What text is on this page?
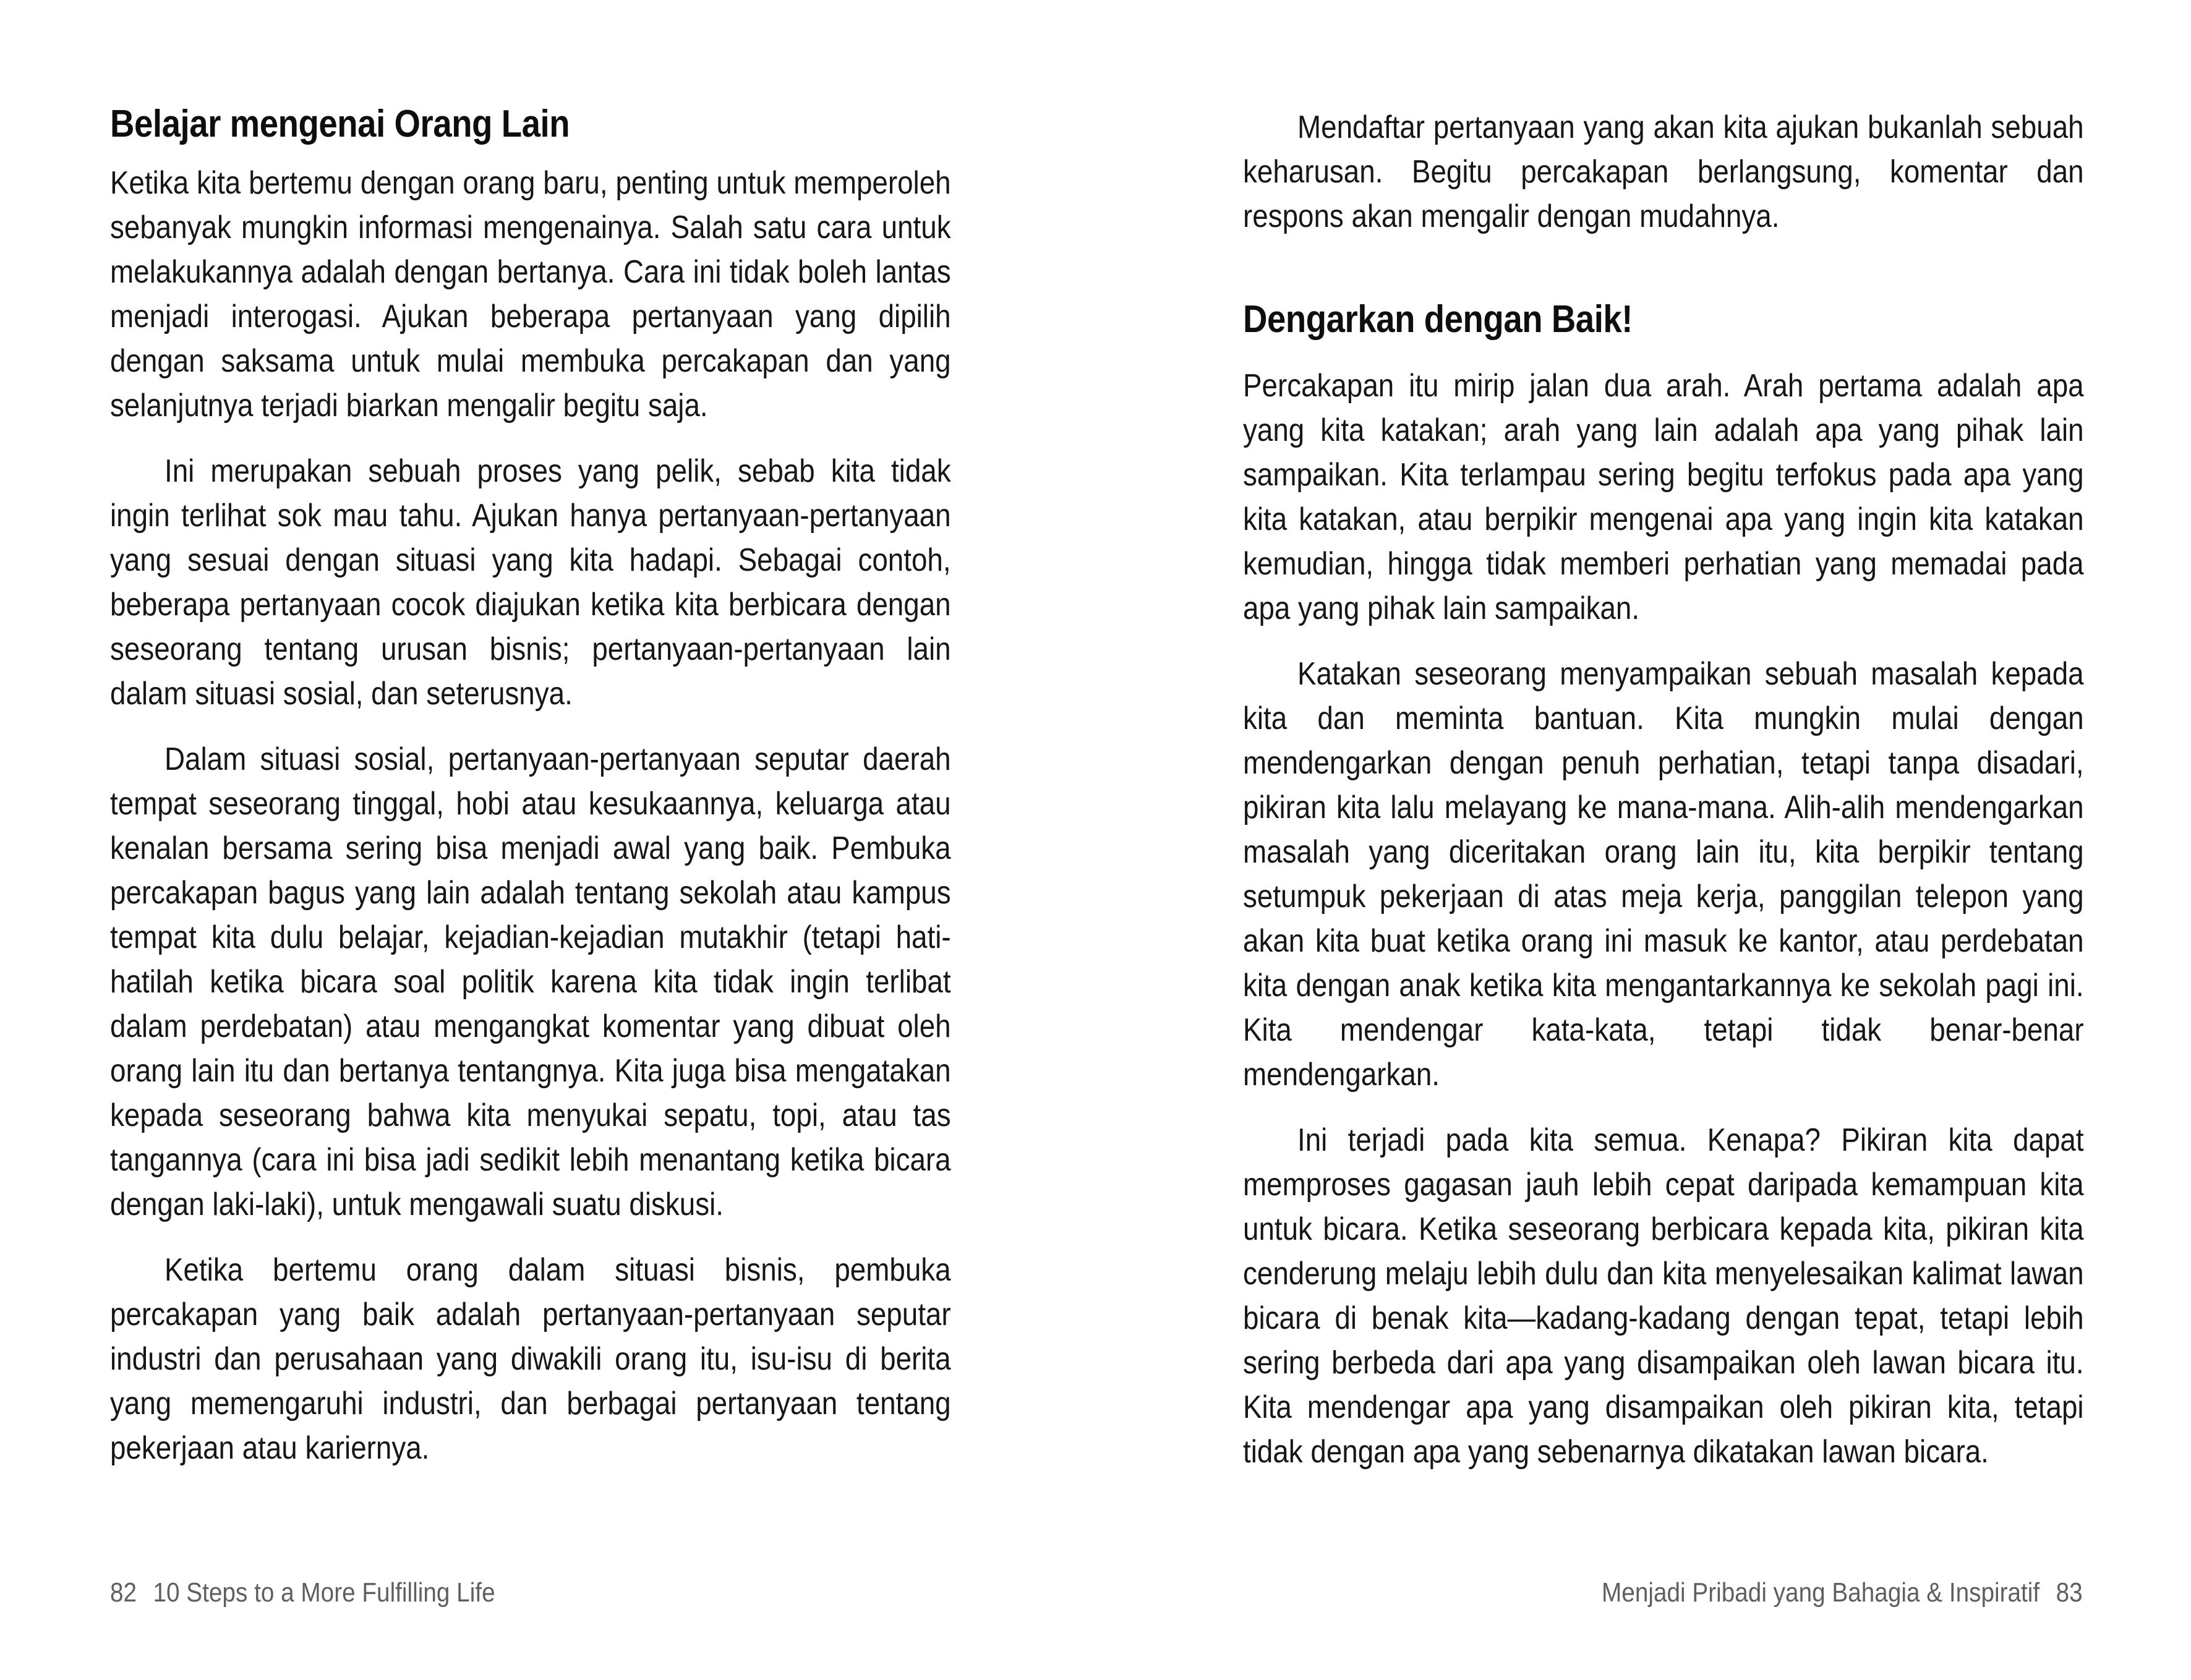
Belajar mengenai Orang Lain

Ketika kita bertemu dengan orang baru, penting untuk memperoleh sebanyak mungkin informasi mengenainya. Salah satu cara untuk melakukannya adalah dengan bertanya. Cara ini tidak boleh lantas menjadi interogasi. Ajukan beberapa pertanyaan yang dipilih dengan saksama untuk mulai membuka percakapan dan yang selanjutnya terjadi biarkan mengalir begitu saja.

Ini merupakan sebuah proses yang pelik, sebab kita tidak ingin terlihat sok mau tahu. Ajukan hanya pertanyaan-pertanyaan yang sesuai dengan situasi yang kita hadapi. Sebagai contoh, beberapa pertanyaan cocok diajukan ketika kita berbicara dengan seseorang tentang urusan bisnis; pertanyaan-pertanyaan lain dalam situasi sosial, dan seterusnya.

Dalam situasi sosial, pertanyaan-pertanyaan seputar daerah tempat seseorang tinggal, hobi atau kesukaannya, keluarga atau kenalan bersama sering bisa menjadi awal yang baik. Pembuka percakapan bagus yang lain adalah tentang sekolah atau kampus tempat kita dulu belajar, kejadian-kejadian mutakhir (tetapi hati-hatilah ketika bicara soal politik karena kita tidak ingin terlibat dalam perdebatan) atau mengangkat komentar yang dibuat oleh orang lain itu dan bertanya tentangnya. Kita juga bisa mengatakan kepada seseorang bahwa kita menyukai sepatu, topi, atau tas tangannya (cara ini bisa jadi sedikit lebih menantang ketika bicara dengan laki-laki), untuk mengawali suatu diskusi.

Ketika bertemu orang dalam situasi bisnis, pembuka percakapan yang baik adalah pertanyaan-pertanyaan seputar industri dan perusahaan yang diwakili orang itu, isu-isu di berita yang memengaruhi industri, dan berbagai pertanyaan tentang pekerjaan atau kariernya.

Mendaftar pertanyaan yang akan kita ajukan bukanlah sebuah keharusan. Begitu percakapan berlangsung, komentar dan respons akan mengalir dengan mudahnya.

Dengarkan dengan Baik!

Percakapan itu mirip jalan dua arah. Arah pertama adalah apa yang kita katakan; arah yang lain adalah apa yang pihak lain sampaikan. Kita terlampau sering begitu terfokus pada apa yang kita katakan, atau berpikir mengenai apa yang ingin kita katakan kemudian, hingga tidak memberi perhatian yang memadai pada apa yang pihak lain sampaikan.

Katakan seseorang menyampaikan sebuah masalah kepada kita dan meminta bantuan. Kita mungkin mulai dengan mendengarkan dengan penuh perhatian, tetapi tanpa disadari, pikiran kita lalu melayang ke mana-mana. Alih-alih mendengarkan masalah yang diceritakan orang lain itu, kita berpikir tentang setumpuk pekerjaan di atas meja kerja, panggilan telepon yang akan kita buat ketika orang ini masuk ke kantor, atau perdebatan kita dengan anak ketika kita mengantarkannya ke sekolah pagi ini. Kita mendengar kata-kata, tetapi tidak benar-benar mendengarkan.

Ini terjadi pada kita semua. Kenapa? Pikiran kita dapat memproses gagasan jauh lebih cepat daripada kemampuan kita untuk bicara. Ketika seseorang berbicara kepada kita, pikiran kita cenderung melaju lebih dulu dan kita menyelesaikan kalimat lawan bicara di benak kita—kadang-kadang dengan tepat, tetapi lebih sering berbeda dari apa yang disampaikan oleh lawan bicara itu. Kita mendengar apa yang disampaikan oleh pikiran kita, tetapi tidak dengan apa yang sebenarnya dikatakan lawan bicara.

82 10 Steps to a More Fulfilling Life	Menjadi Pribadi yang Bahagia & Inspiratif 83
